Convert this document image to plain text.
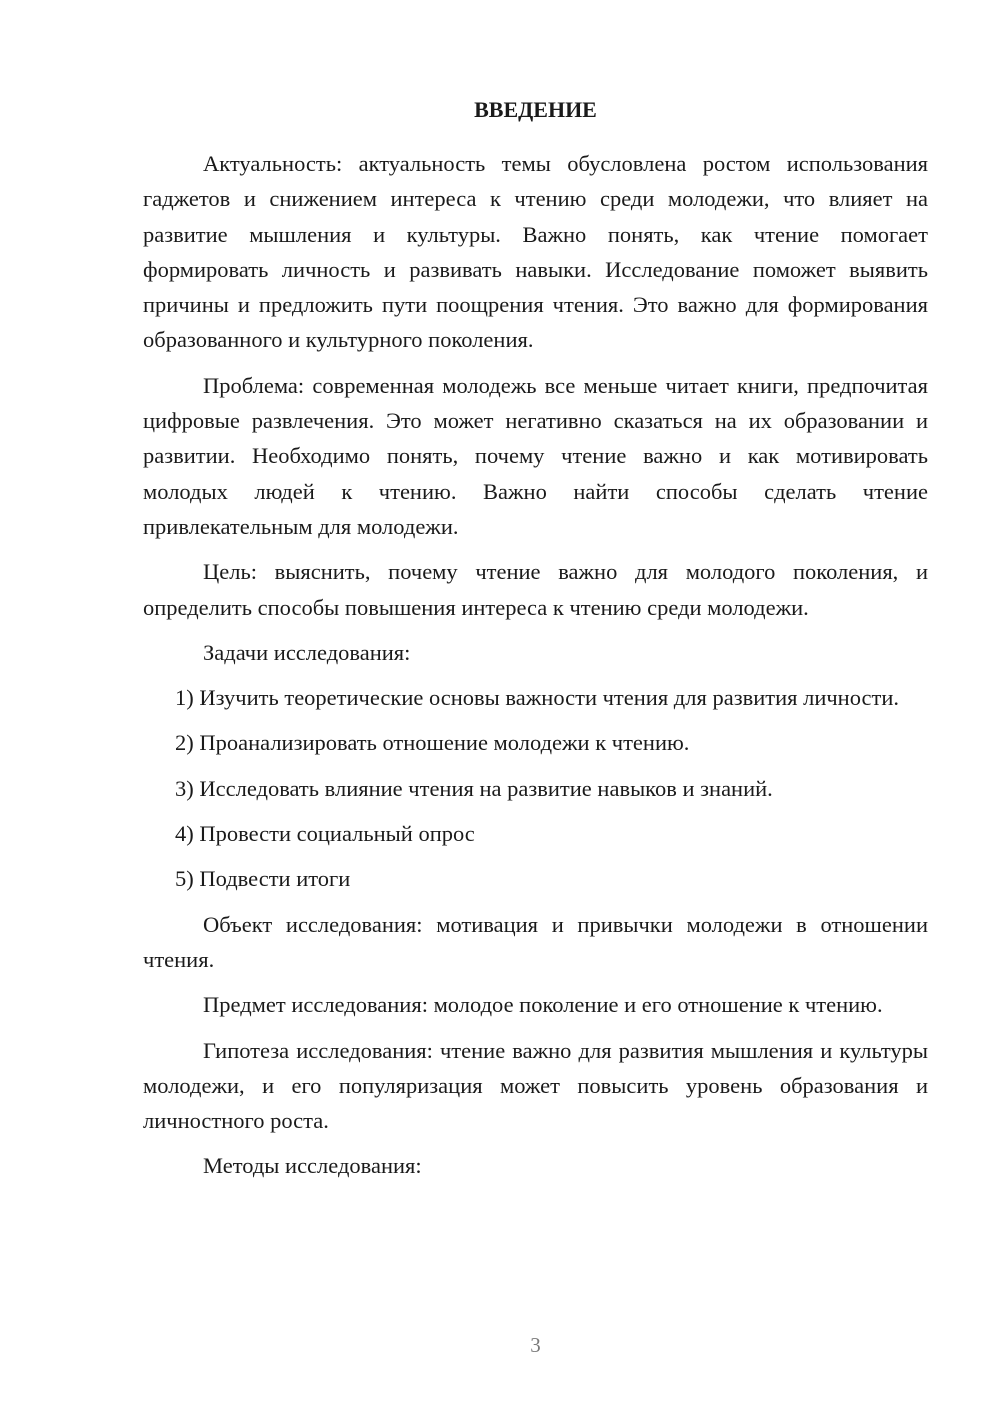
ВВЕДЕНИЕ

Актуальность: актуальность темы обусловлена ростом использования гаджетов и снижением интереса к чтению среди молодежи, что влияет на развитие мышления и культуры. Важно понять, как чтение помогает формировать личность и развивать навыки. Исследование поможет выявить причины и предложить пути поощрения чтения. Это важно для формирования образованного и культурного поколения.

Проблема: современная молодежь все меньше читает книги, предпочитая цифровые развлечения. Это может негативно сказаться на их образовании и развитии. Необходимо понять, почему чтение важно и как мотивировать молодых людей к чтению. Важно найти способы сделать чтение привлекательным для молодежи.

Цель: выяснить, почему чтение важно для молодого поколения, и определить способы повышения интереса к чтению среди молодежи.

Задачи исследования:

1) Изучить теоретические основы важности чтения для развития личности.

2) Проанализировать отношение молодежи к чтению.

3) Исследовать влияние чтения на развитие навыков и знаний.

4) Провести социальный опрос

5) Подвести итоги

Объект исследования: мотивация и привычки молодежи в отношении чтения.

Предмет исследования: молодое поколение и его отношение к чтению.

Гипотеза исследования: чтение важно для развития мышления и культуры молодежи, и его популяризация может повысить уровень образования и личностного роста.

Методы исследования:

3
